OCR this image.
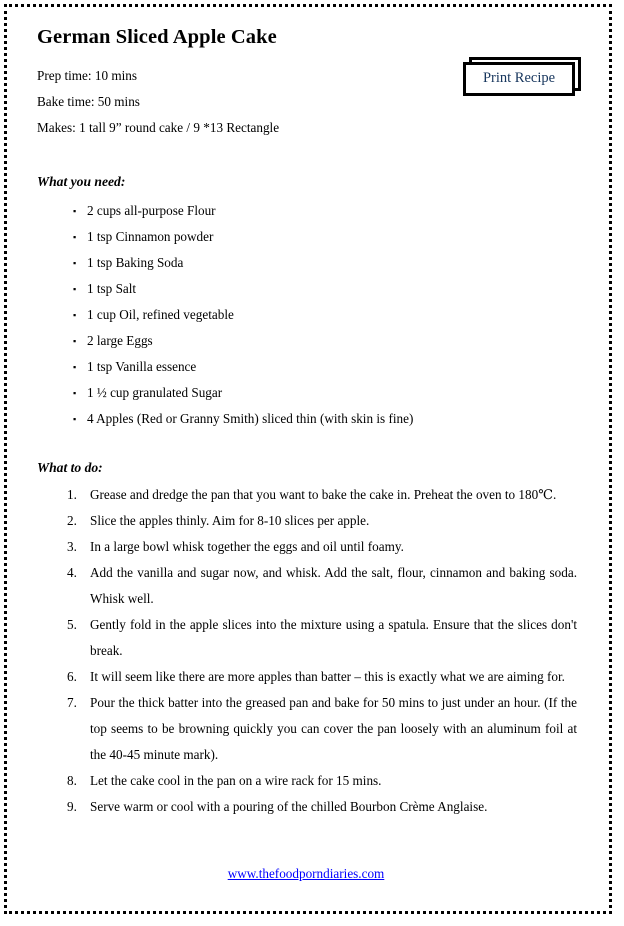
German Sliced Apple Cake
Prep time: 10 mins
Bake time: 50 mins
Makes: 1 tall 9” round cake / 9 *13 Rectangle
Print Recipe
What you need:
▪ 2 cups all-purpose Flour
▪ 1 tsp Cinnamon powder
▪ 1 tsp Baking Soda
▪ 1 tsp Salt
▪ 1 cup Oil, refined vegetable
▪ 2 large Eggs
▪ 1 tsp Vanilla essence
▪ 1 ½ cup granulated Sugar
▪ 4 Apples (Red or Granny Smith) sliced thin (with skin is fine)
What to do:
1. Grease and dredge the pan that you want to bake the cake in. Preheat the oven to 180℃.
2. Slice the apples thinly. Aim for 8-10 slices per apple.
3. In a large bowl whisk together the eggs and oil until foamy.
4. Add the vanilla and sugar now, and whisk. Add the salt, flour, cinnamon and baking soda. Whisk well.
5. Gently fold in the apple slices into the mixture using a spatula. Ensure that the slices don't break.
6. It will seem like there are more apples than batter – this is exactly what we are aiming for.
7. Pour the thick batter into the greased pan and bake for 50 mins to just under an hour. (If the top seems to be browning quickly you can cover the pan loosely with an aluminum foil at the 40-45 minute mark).
8. Let the cake cool in the pan on a wire rack for 15 mins.
9. Serve warm or cool with a pouring of the chilled Bourbon Crème Anglaise.
www.thefoodporndiaries.com
